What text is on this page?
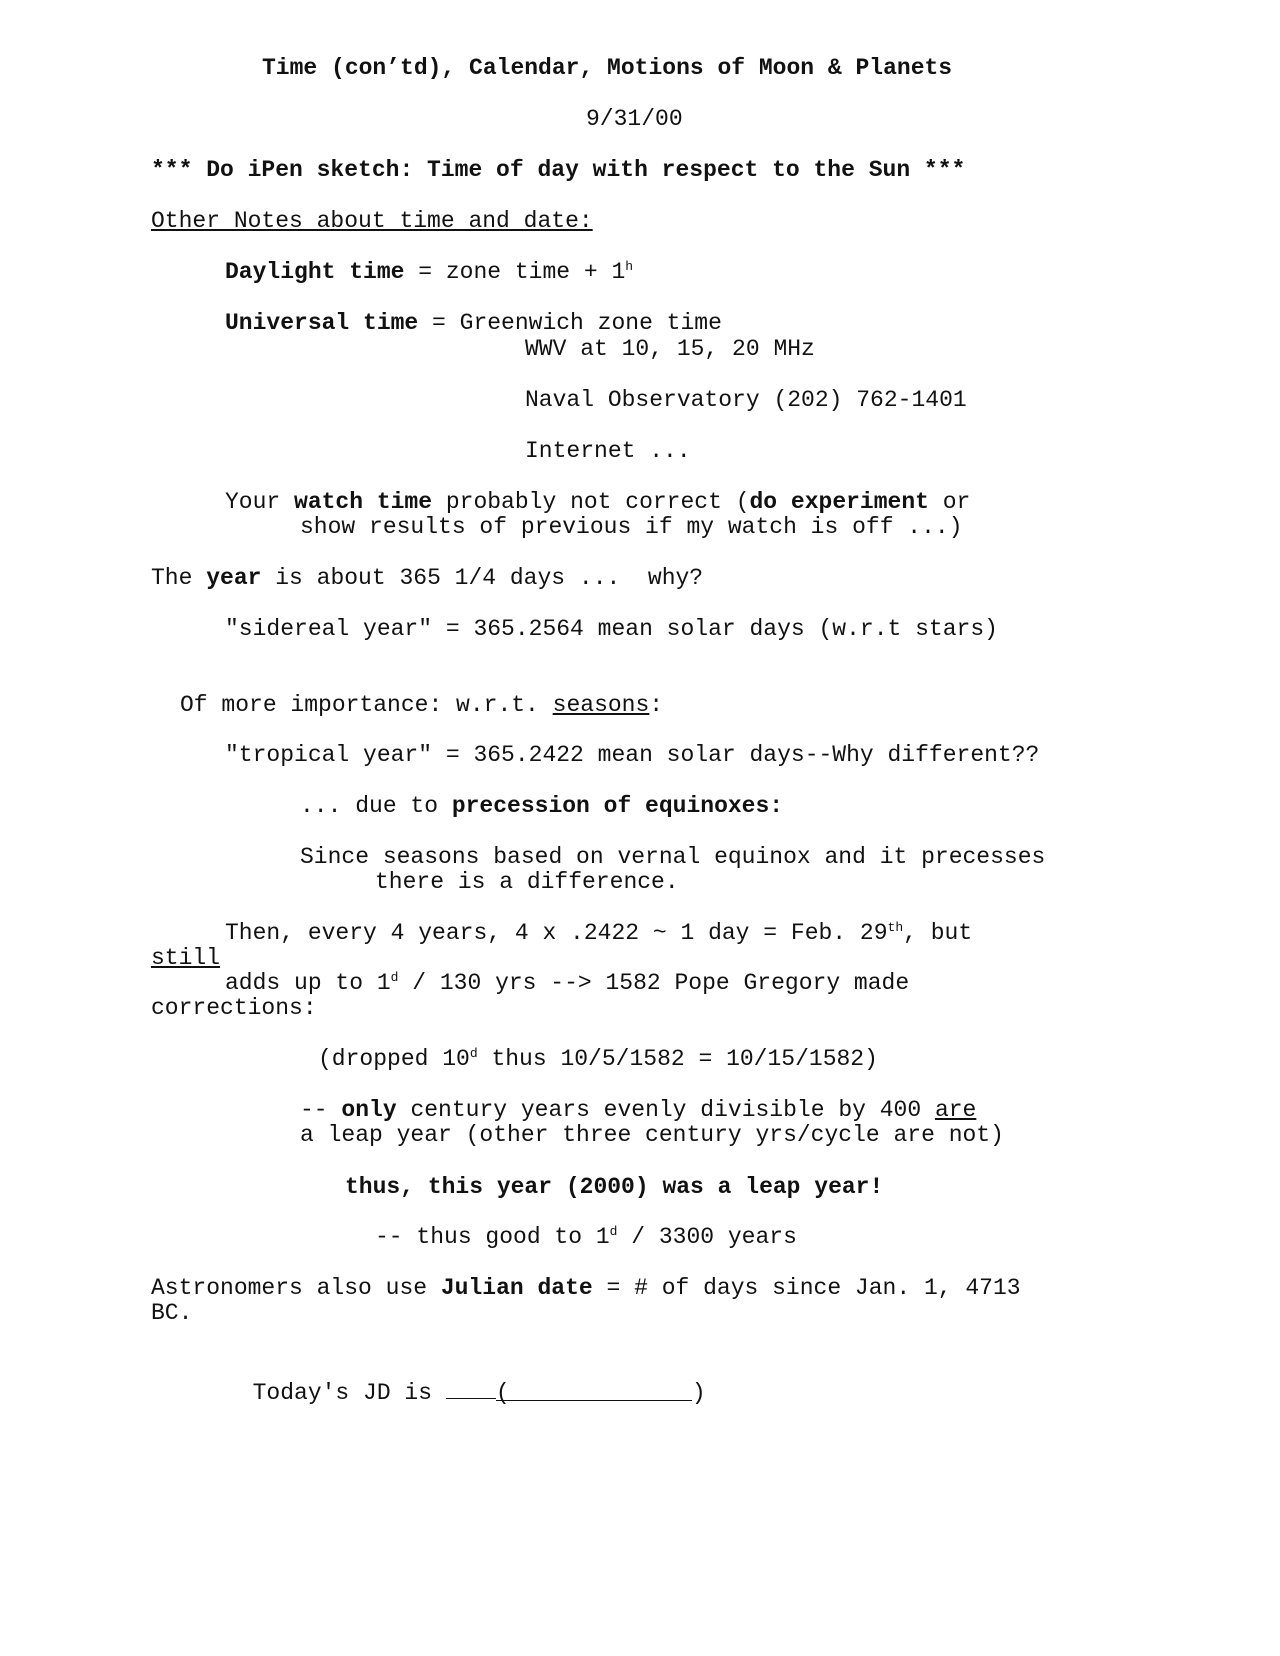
Time (con’td), Calendar, Motions of Moon & Planets
9/31/00
*** Do iPen sketch: Time of day with respect to the Sun ***
Other Notes about time and date:
Daylight time = zone time + $1^h$
Universal time = Greenwich zone time
WWV at 10, 15, 20 MHz
Naval Observatory (202) 762-1401
Internet ...
Your watch time probably not correct (do experiment or
show results of previous if my watch is off ...)
The year is about 365 1/4 days ...  why?
"sidereal year" = 365.2564 mean solar days (w.r.t stars)
Of more importance: w.r.t. seasons:
"tropical year" = 365.2422 mean solar days--Why different??
... due to precession of equinoxes:
Since seasons based on vernal equinox and it precesses
there is a difference.
Then, every 4 years, 4 x .2422 ~ 1 day = Feb. 29th, but
still
adds up to 1$^d$ / 130 yrs --> 1582 Pope Gregory made
corrections:
(dropped 10$^d$ thus 10/5/1582 = 10/15/1582)
-- only century years evenly divisible by 400 are
a leap year (other three century yrs/cycle are not)
thus, this year (2000) was a leap year!
-- thus good to 1$^d$ / 3300 years
Astronomers also use Julian date = # of days since Jan. 1, 4713
BC.

Today's JD is (	)
